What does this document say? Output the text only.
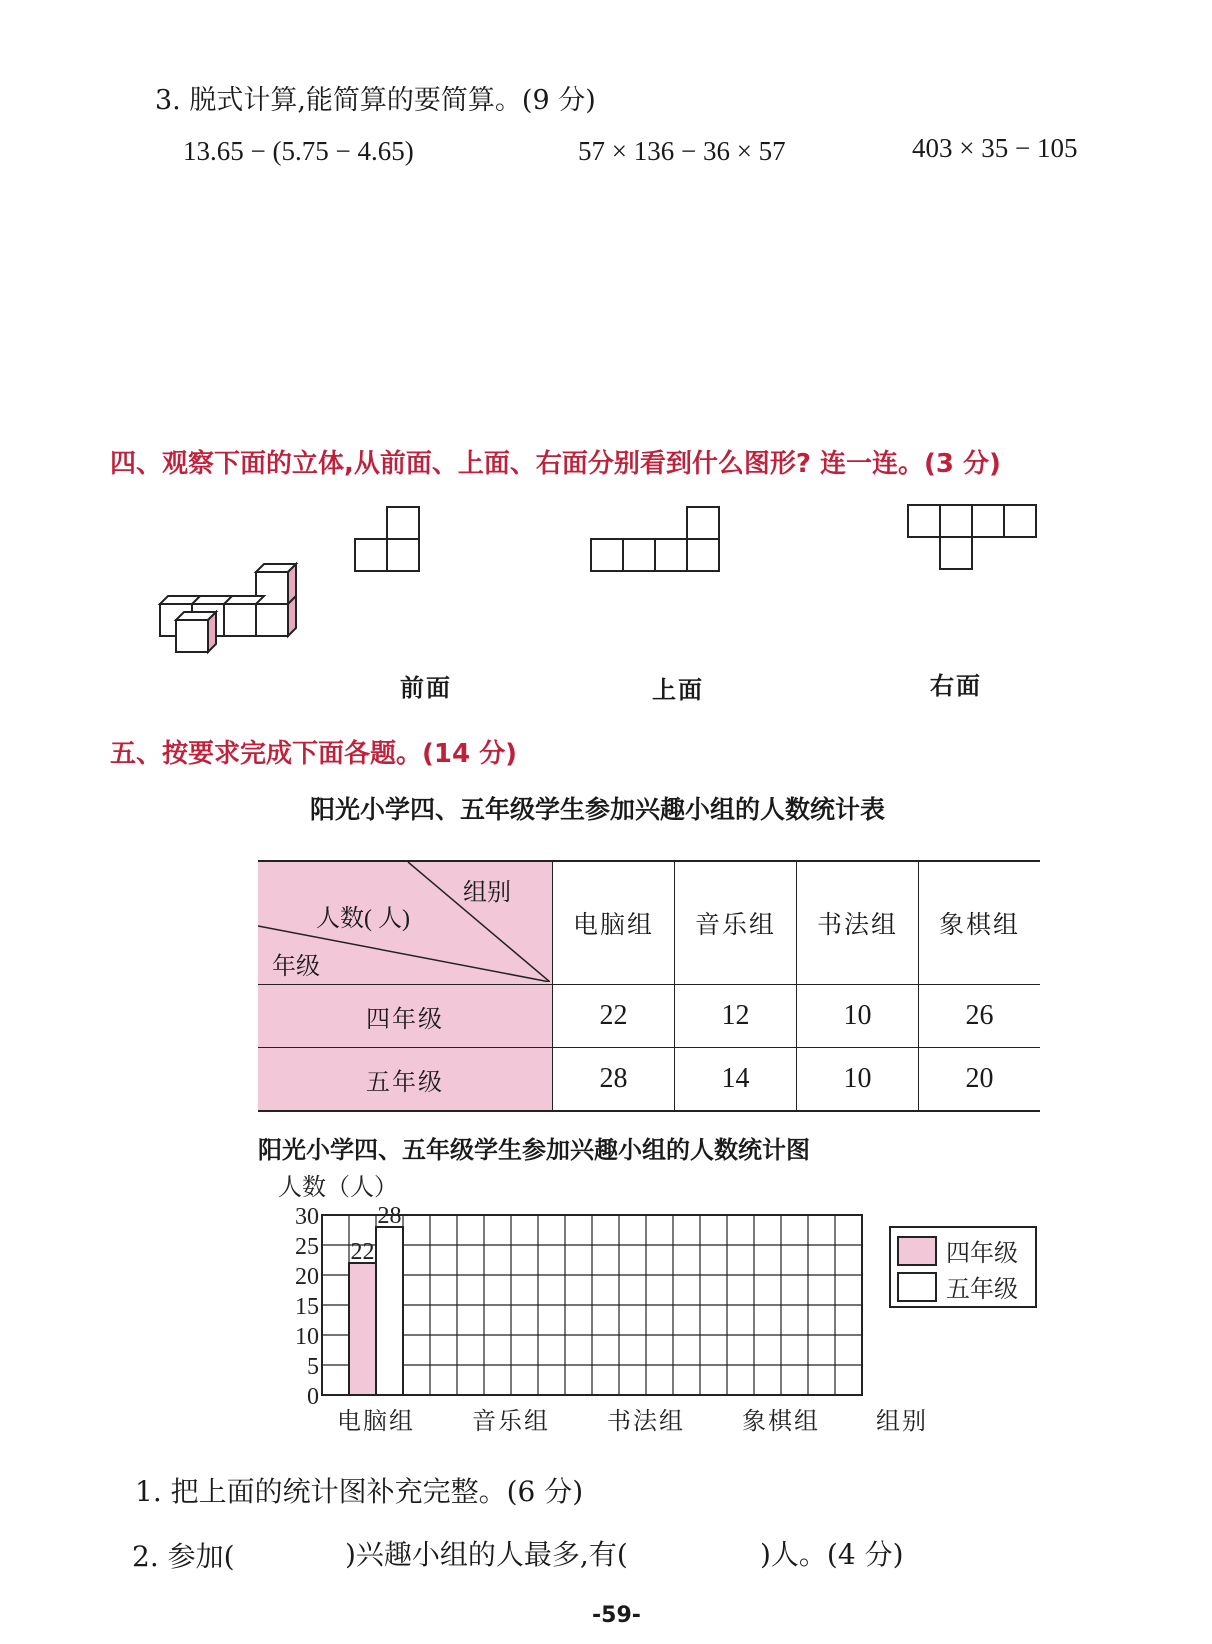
3. 脱式计算,能简算的要简算。(9 分)
13.65 − (5.75 − 4.65)	57 × 136 − 36 × 57	403 × 35 − 105
四、观察下面的立体,从前面、上面、右面分别看到什么图形? 连一连。(3 分)
前面	上面	右面
五、按要求完成下面各题。(14 分)
阳光小学四、五年级学生参加兴趣小组的人数统计表
组别
人数( 人)
年级	电脑组	音乐组	书法组	象棋组
四年级	22	12	10	26
五年级	28	14	10	20
阳光小学四、五年级学生参加兴趣小组的人数统计图
0
5
10
15
20
25
30
人数（人）
22
28
电脑组 音乐组 书法组 象棋组 组别
四年级
五年级
1. 把上面的统计图补充完整。(6 分)
2. 参加(	)兴趣小组的人最多,有(	)人。(4 分)
-59-
